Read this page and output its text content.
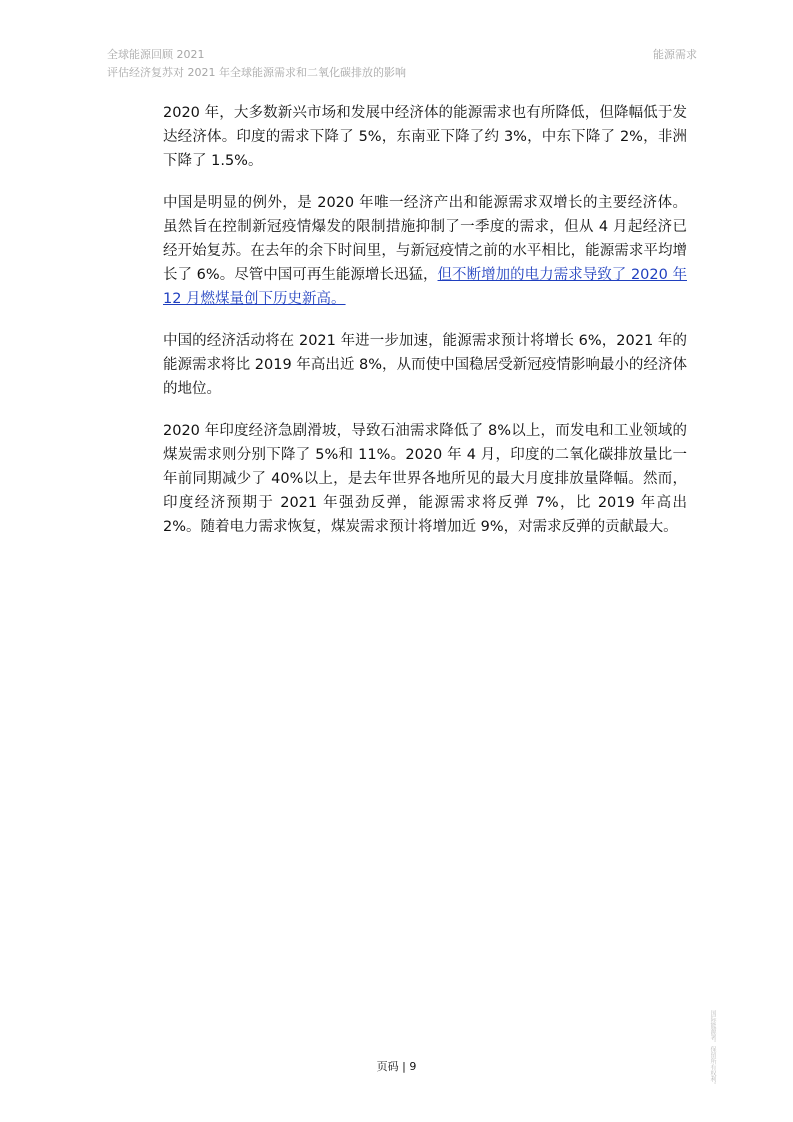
全球能源回顾 2021
评估经济复苏对 2021 年全球能源需求和二氧化碳排放的影响
能源需求

2020 年，大多数新兴市场和发展中经济体的能源需求也有所降低，但降幅低于发达经济体。印度的需求下降了 5%，东南亚下降了约 3%，中东下降了 2%，非洲下降了 1.5%。

中国是明显的例外，是 2020 年唯一经济产出和能源需求双增长的主要经济体。虽然旨在控制新冠疫情爆发的限制措施抑制了一季度的需求，但从 4 月起经济已经开始复苏。在去年的余下时间里，与新冠疫情之前的水平相比，能源需求平均增长了 6%。尽管中国可再生能源增长迅猛，但不断增加的电力需求导致了 2020 年 12 月燃煤量创下历史新高。

中国的经济活动将在 2021 年进一步加速，能源需求预计将增长 6%，2021 年的能源需求将比 2019 年高出近 8%，从而使中国稳居受新冠疫情影响最小的经济体的地位。

2020 年印度经济急剧滑坡，导致石油需求降低了 8%以上，而发电和工业领域的煤炭需求则分别下降了 5%和 11%。2020 年 4 月，印度的二氧化碳排放量比一年前同期减少了 40%以上，是去年世界各地所见的最大月度排放量降幅。然而，印度经济预期于 2021 年强劲反弹，能源需求将反弹 7%，比 2019 年高出 2%。随着电力需求恢复，煤炭需求预计将增加近 9%，对需求反弹的贡献最大。

页码 | 9	国际能源署。保留所有权利。
